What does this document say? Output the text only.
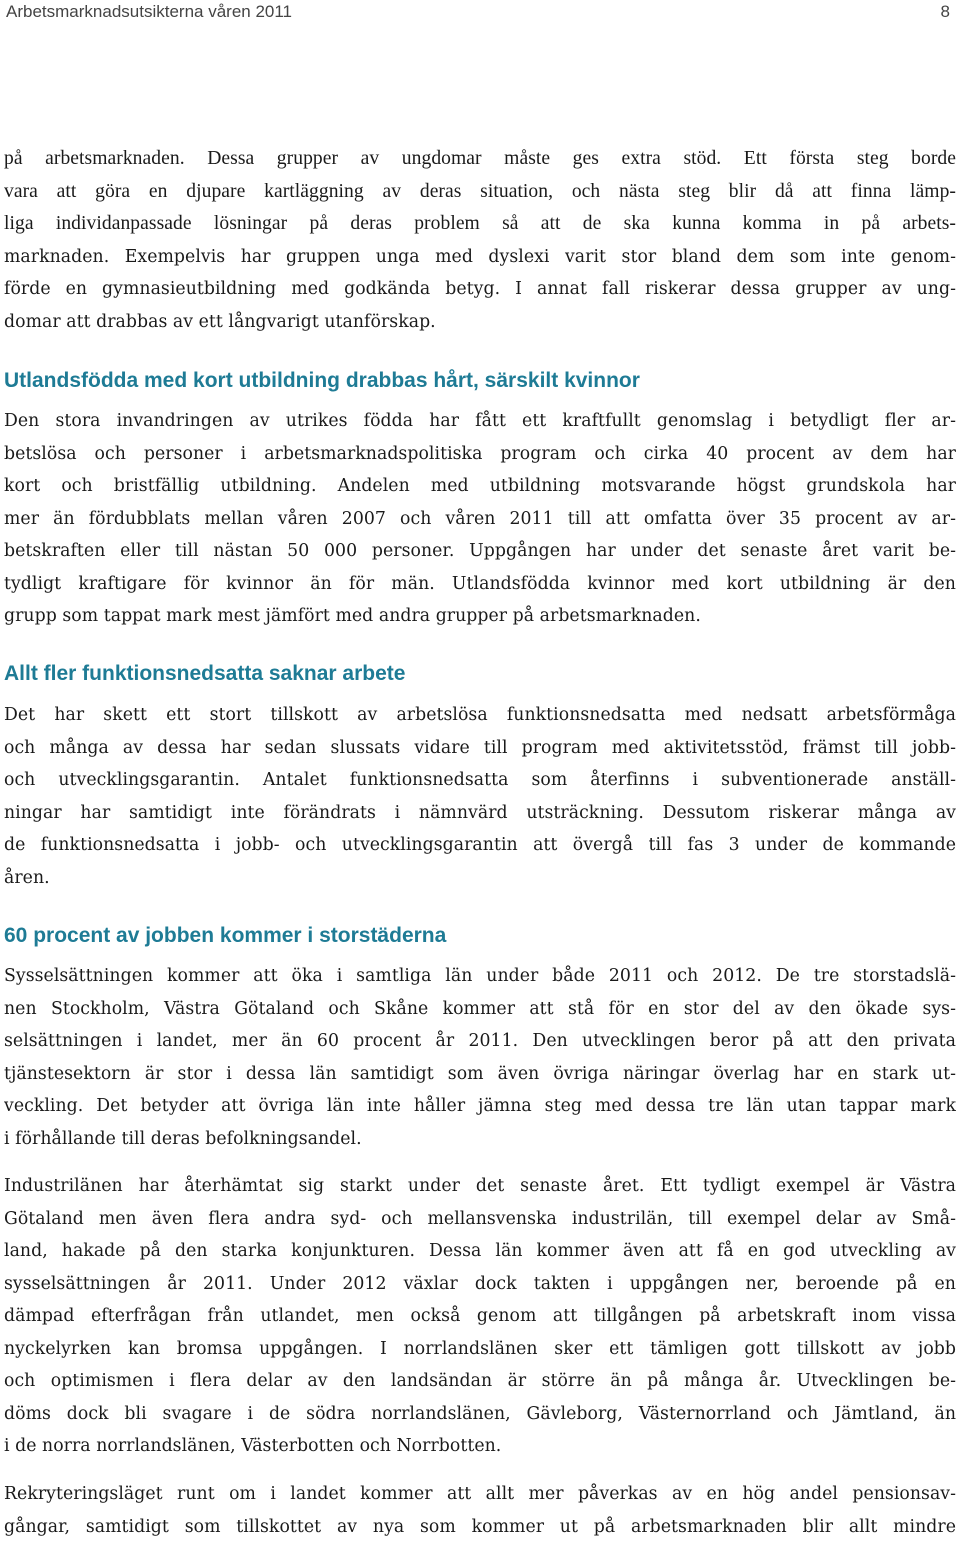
Arbetsmarknadsutsikterna våren 2011	8
på arbetsmarknaden. Dessa grupper av ungdomar måste ges extra stöd. Ett första steg borde
vara att göra en djupare kartläggning av deras situation, och nästa steg blir då att finna lämp-
liga individanpassade lösningar på deras problem så att de ska kunna komma in på arbets-
marknaden. Exempelvis har gruppen unga med dyslexi varit stor bland dem som inte genom-
förde en gymnasieutbildning med godkända betyg. I annat fall riskerar dessa grupper av ung-
domar att drabbas av ett långvarigt utanförskap.
Utlandsfödda med kort utbildning drabbas hårt, särskilt kvinnor
Den stora invandringen av utrikes födda har fått ett kraftfullt genomslag i betydligt fler ar-
betslösa och personer i arbetsmarknadspolitiska program och cirka 40 procent av dem har
kort och bristfällig utbildning. Andelen med utbildning motsvarande högst grundskola har
mer än fördubblats mellan våren 2007 och våren 2011 till att omfatta över 35 procent av ar-
betskraften eller till nästan 50 000 personer. Uppgången har under det senaste året varit be-
tydligt kraftigare för kvinnor än för män. Utlandsfödda kvinnor med kort utbildning är den
grupp som tappat mark mest jämfört med andra grupper på arbetsmarknaden.
Allt fler funktionsnedsatta saknar arbete
Det har skett ett stort tillskott av arbetslösa funktionsnedsatta med nedsatt arbetsförmåga
och många av dessa har sedan slussats vidare till program med aktivitetsstöd, främst till jobb-
och utvecklingsgarantin. Antalet funktionsnedsatta som återfinns i subventionerade anställ-
ningar har samtidigt inte förändrats i nämnvärd utsträckning. Dessutom riskerar många av
de funktionsnedsatta i jobb- och utvecklingsgarantin att övergå till fas 3 under de kommande
åren.
60 procent av jobben kommer i storstäderna
Sysselsättningen kommer att öka i samtliga län under både 2011 och 2012. De tre storstadslä-
nen Stockholm, Västra Götaland och Skåne kommer att stå för en stor del av den ökade sys-
selsättningen i landet, mer än 60 procent år 2011. Den utvecklingen beror på att den privata
tjänstesektorn är stor i dessa län samtidigt som även övriga näringar överlag har en stark ut-
veckling. Det betyder att övriga län inte håller jämna steg med dessa tre län utan tappar mark
i förhållande till deras befolkningsandel.
Industrilänen har återhämtat sig starkt under det senaste året. Ett tydligt exempel är Västra
Götaland men även flera andra syd- och mellansvenska industrilän, till exempel delar av Små-
land, hakade på den starka konjunkturen. Dessa län kommer även att få en god utveckling av
sysselsättningen år 2011. Under 2012 växlar dock takten i uppgången ner, beroende på en
dämpad efterfrågan från utlandet, men också genom att tillgången på arbetskraft inom vissa
nyckelyrken kan bromsa uppgången. I norrlandslänen sker ett tämligen gott tillskott av jobb
och optimismen i flera delar av den landsändan är större än på många år. Utvecklingen be-
döms dock bli svagare i de södra norrlandslänen, Gävleborg, Västernorrland och Jämtland, än
i de norra norrlandslänen, Västerbotten och Norrbotten.
Rekryteringsläget runt om i landet kommer att allt mer påverkas av en hög andel pensionsav-
gångar, samtidigt som tillskottet av nya som kommer ut på arbetsmarknaden blir allt mindre
